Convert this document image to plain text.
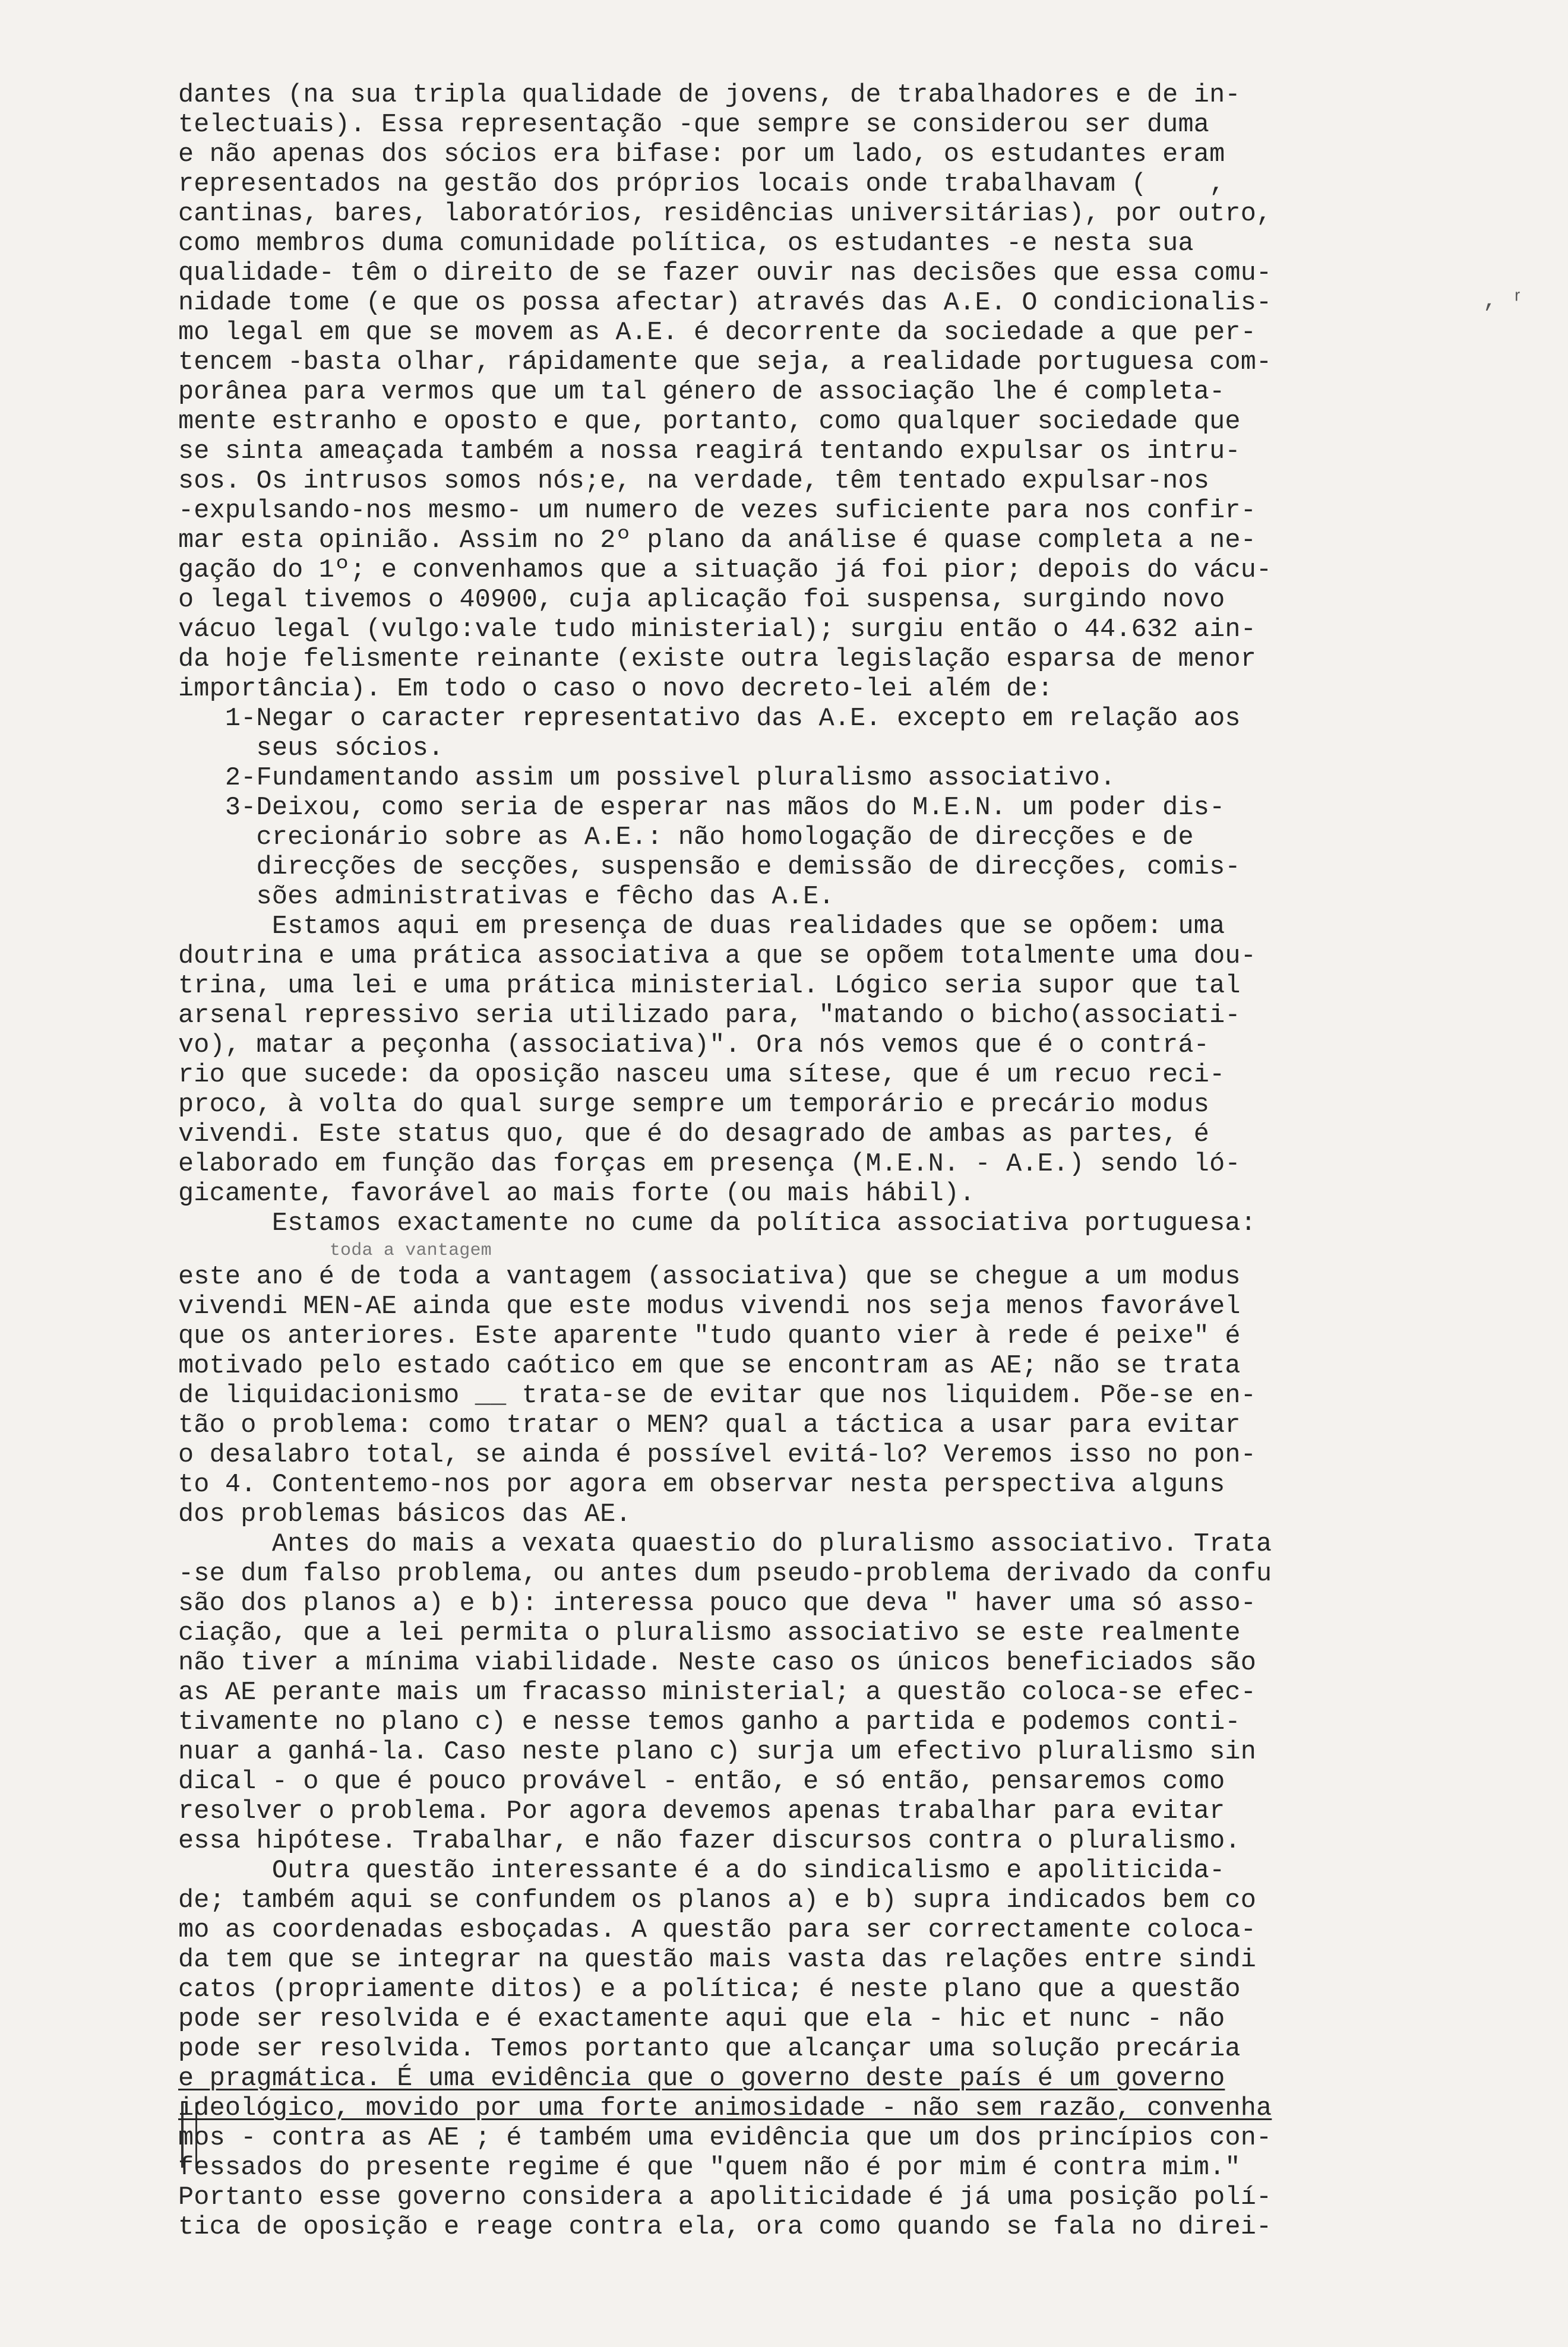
‚ ʳ
dantes (na sua tripla qualidade de jovens, de trabalhadores e de in-
telectuais). Essa representação -que sempre se considerou ser duma
e não apenas dos sócios era bifase: por um lado, os estudantes eram
representados na gestão dos próprios locais onde trabalhavam (    ,
cantinas, bares, laboratórios, residências universitárias), por outro,
como membros duma comunidade política, os estudantes -e nesta sua
qualidade- têm o direito de se fazer ouvir nas decisões que essa comu-
nidade tome (e que os possa afectar) através das A.E. O condicionalis-
mo legal em que se movem as A.E. é decorrente da sociedade a que per-
tencem -basta olhar, rápidamente que seja, a realidade portuguesa com-
porânea para vermos que um tal género de associação lhe é completa-
mente estranho e oposto e que, portanto, como qualquer sociedade que
se sinta ameaçada também a nossa reagirá tentando expulsar os intru-
sos. Os intrusos somos nós;e, na verdade, têm tentado expulsar-nos
-expulsando-nos mesmo- um numero de vezes suficiente para nos confir-
mar esta opinião. Assim no 2º plano da análise é quase completa a ne-
gação do 1º; e convenhamos que a situação já foi pior; depois do vácu-
o legal tivemos o 40900, cuja aplicação foi suspensa, surgindo novo
vácuo legal (vulgo:vale tudo ministerial); surgiu então o 44.632 ain-
da hoje felismente reinante (existe outra legislação esparsa de menor
importância). Em todo o caso o novo decreto-lei além de:
1-Negar o caracter representativo das A.E. excepto em relação aos
seus sócios.
2-Fundamentando assim um possivel pluralismo associativo.
3-Deixou, como seria de esperar nas mãos do M.E.N. um poder dis-
crecionário sobre as A.E.: não homologação de direcções e de
direcções de secções, suspensão e demissão de direcções, comis-
sões administrativas e fêcho das A.E.
Estamos aqui em presença de duas realidades que se opõem: uma
doutrina e uma prática associativa a que se opõem totalmente uma dou-
trina, uma lei e uma prática ministerial. Lógico seria supor que tal
arsenal repressivo seria utilizado para, "matando o bicho(associati-
vo), matar a peçonha (associativa)". Ora nós vemos que é o contrá-
rio que sucede: da oposição nasceu uma sítese, que é um recuo reci-
proco, à volta do qual surge sempre um temporário e precário modus
vivendi. Este status quo, que é do desagrado de ambas as partes, é
elaborado em função das forças em presença (M.E.N. - A.E.) sendo ló-
gicamente, favorável ao mais forte (ou mais hábil).
Estamos exactamente no cume da política associativa portuguesa:
toda a vantagem
este ano é de toda a vantagem (associativa) que se chegue a um modus
vivendi MEN-AE ainda que este modus vivendi nos seja menos favorável
que os anteriores. Este aparente "tudo quanto vier à rede é peixe" é
motivado pelo estado caótico em que se encontram as AE; não se trata
de liquidacionismo __ trata-se de evitar que nos liquidem. Põe-se en-
tão o problema: como tratar o MEN? qual a táctica a usar para evitar
o desalabro total, se ainda é possível evitá-lo? Veremos isso no pon-
to 4. Contentemo-nos por agora em observar nesta perspectiva alguns
dos problemas básicos das AE.
Antes do mais a vexata quaestio do pluralismo associativo. Trata
-se dum falso problema, ou antes dum pseudo-problema derivado da confu
são dos planos a) e b): interessa pouco que deva " haver uma só asso-
ciação, que a lei permita o pluralismo associativo se este realmente
não tiver a mínima viabilidade. Neste caso os únicos beneficiados são
as AE perante mais um fracasso ministerial; a questão coloca-se efec-
tivamente no plano c) e nesse temos ganho a partida e podemos conti-
nuar a ganhá-la. Caso neste plano c) surja um efectivo pluralismo sin
dical - o que é pouco provável - então, e só então, pensaremos como
resolver o problema. Por agora devemos apenas trabalhar para evitar
essa hipótese. Trabalhar, e não fazer discursos contra o pluralismo.
Outra questão interessante é a do sindicalismo e apoliticida-
de; também aqui se confundem os planos a) e b) supra indicados bem co
mo as coordenadas esboçadas. A questão para ser correctamente coloca-
da tem que se integrar na questão mais vasta das relações entre sindi
catos (propriamente ditos) e a política; é neste plano que a questão
pode ser resolvida e é exactamente aqui que ela - hic et nunc - não
pode ser resolvida. Temos portanto que alcançar uma solução precária
e pragmática. É uma evidência que o governo deste país é um governo
ideológico, movido por uma forte animosidade - não sem razão, convenha
mos - contra as AE ; é também uma evidência que um dos princípios con-
fessados do presente regime é que "quem não é por mim é contra mim."
Portanto esse governo considera a apoliticidade é já uma posição polí-
tica de oposição e reage contra ela, ora como quando se fala no direi-
